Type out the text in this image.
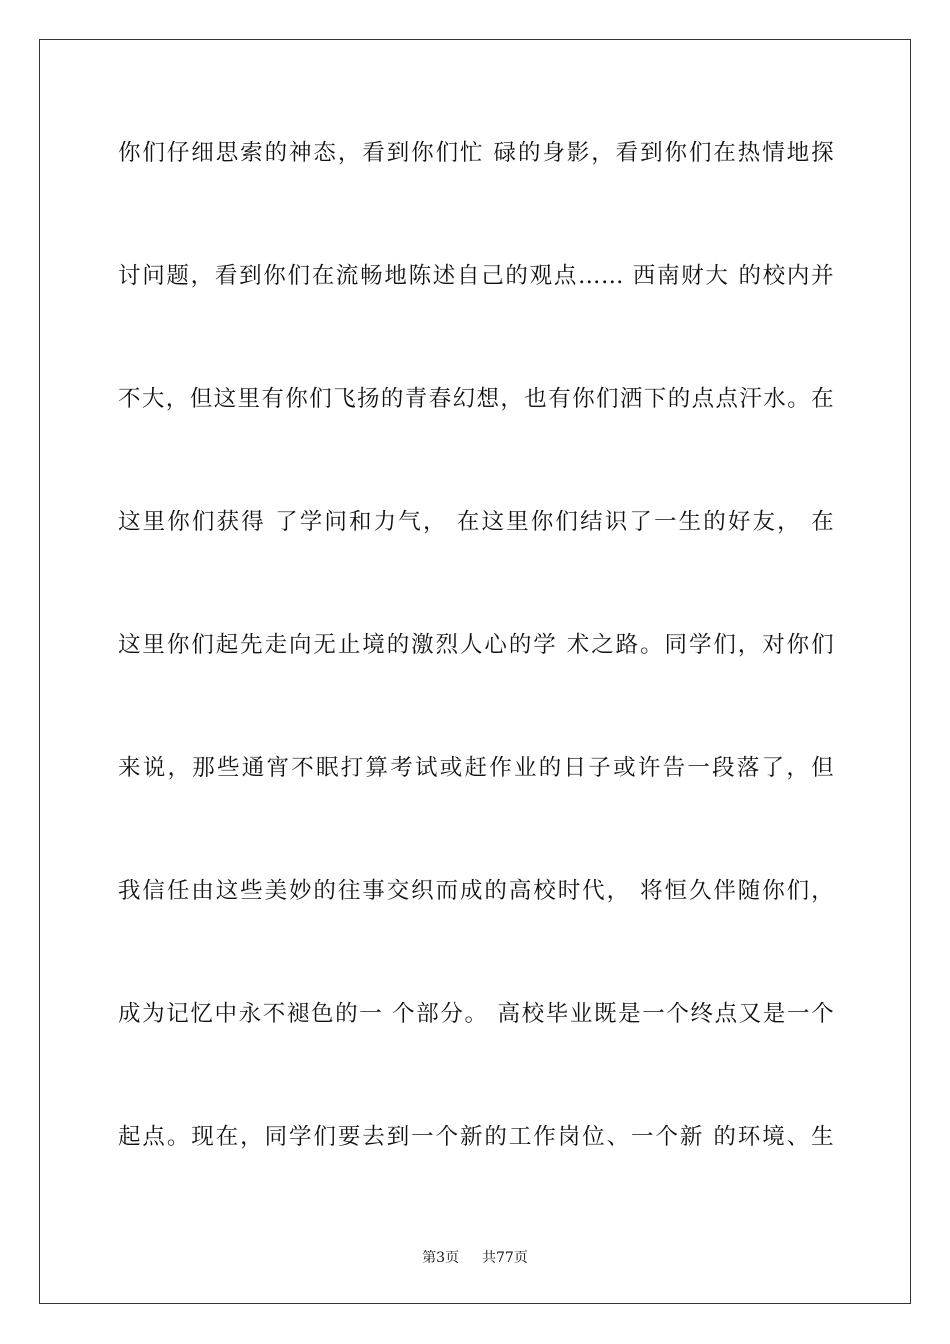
你们仔细思索的神态，看到你们忙 碌的身影，看到你们在热情地探
讨问题，看到你们在流畅地陈述自己的观点…… 西南财大 的校内并
不大，但这里有你们飞扬的青春幻想，也有你们洒下的点点汗水。在
这里你们获得 了学问和力气， 在这里你们结识了一生的好友， 在
这里你们起先走向无止境的激烈人心的学 术之路。同学们，对你们
来说，那些通宵不眠打算考试或赶作业的日子或许告一段落了，但
我信任由这些美妙的往事交织而成的高校时代， 将恒久伴随你们，
成为记忆中永不褪色的一 个部分。 高校毕业既是一个终点又是一个
起点。现在，同学们要去到一个新的工作岗位、一个新 的环境、生
第3页 共77页
